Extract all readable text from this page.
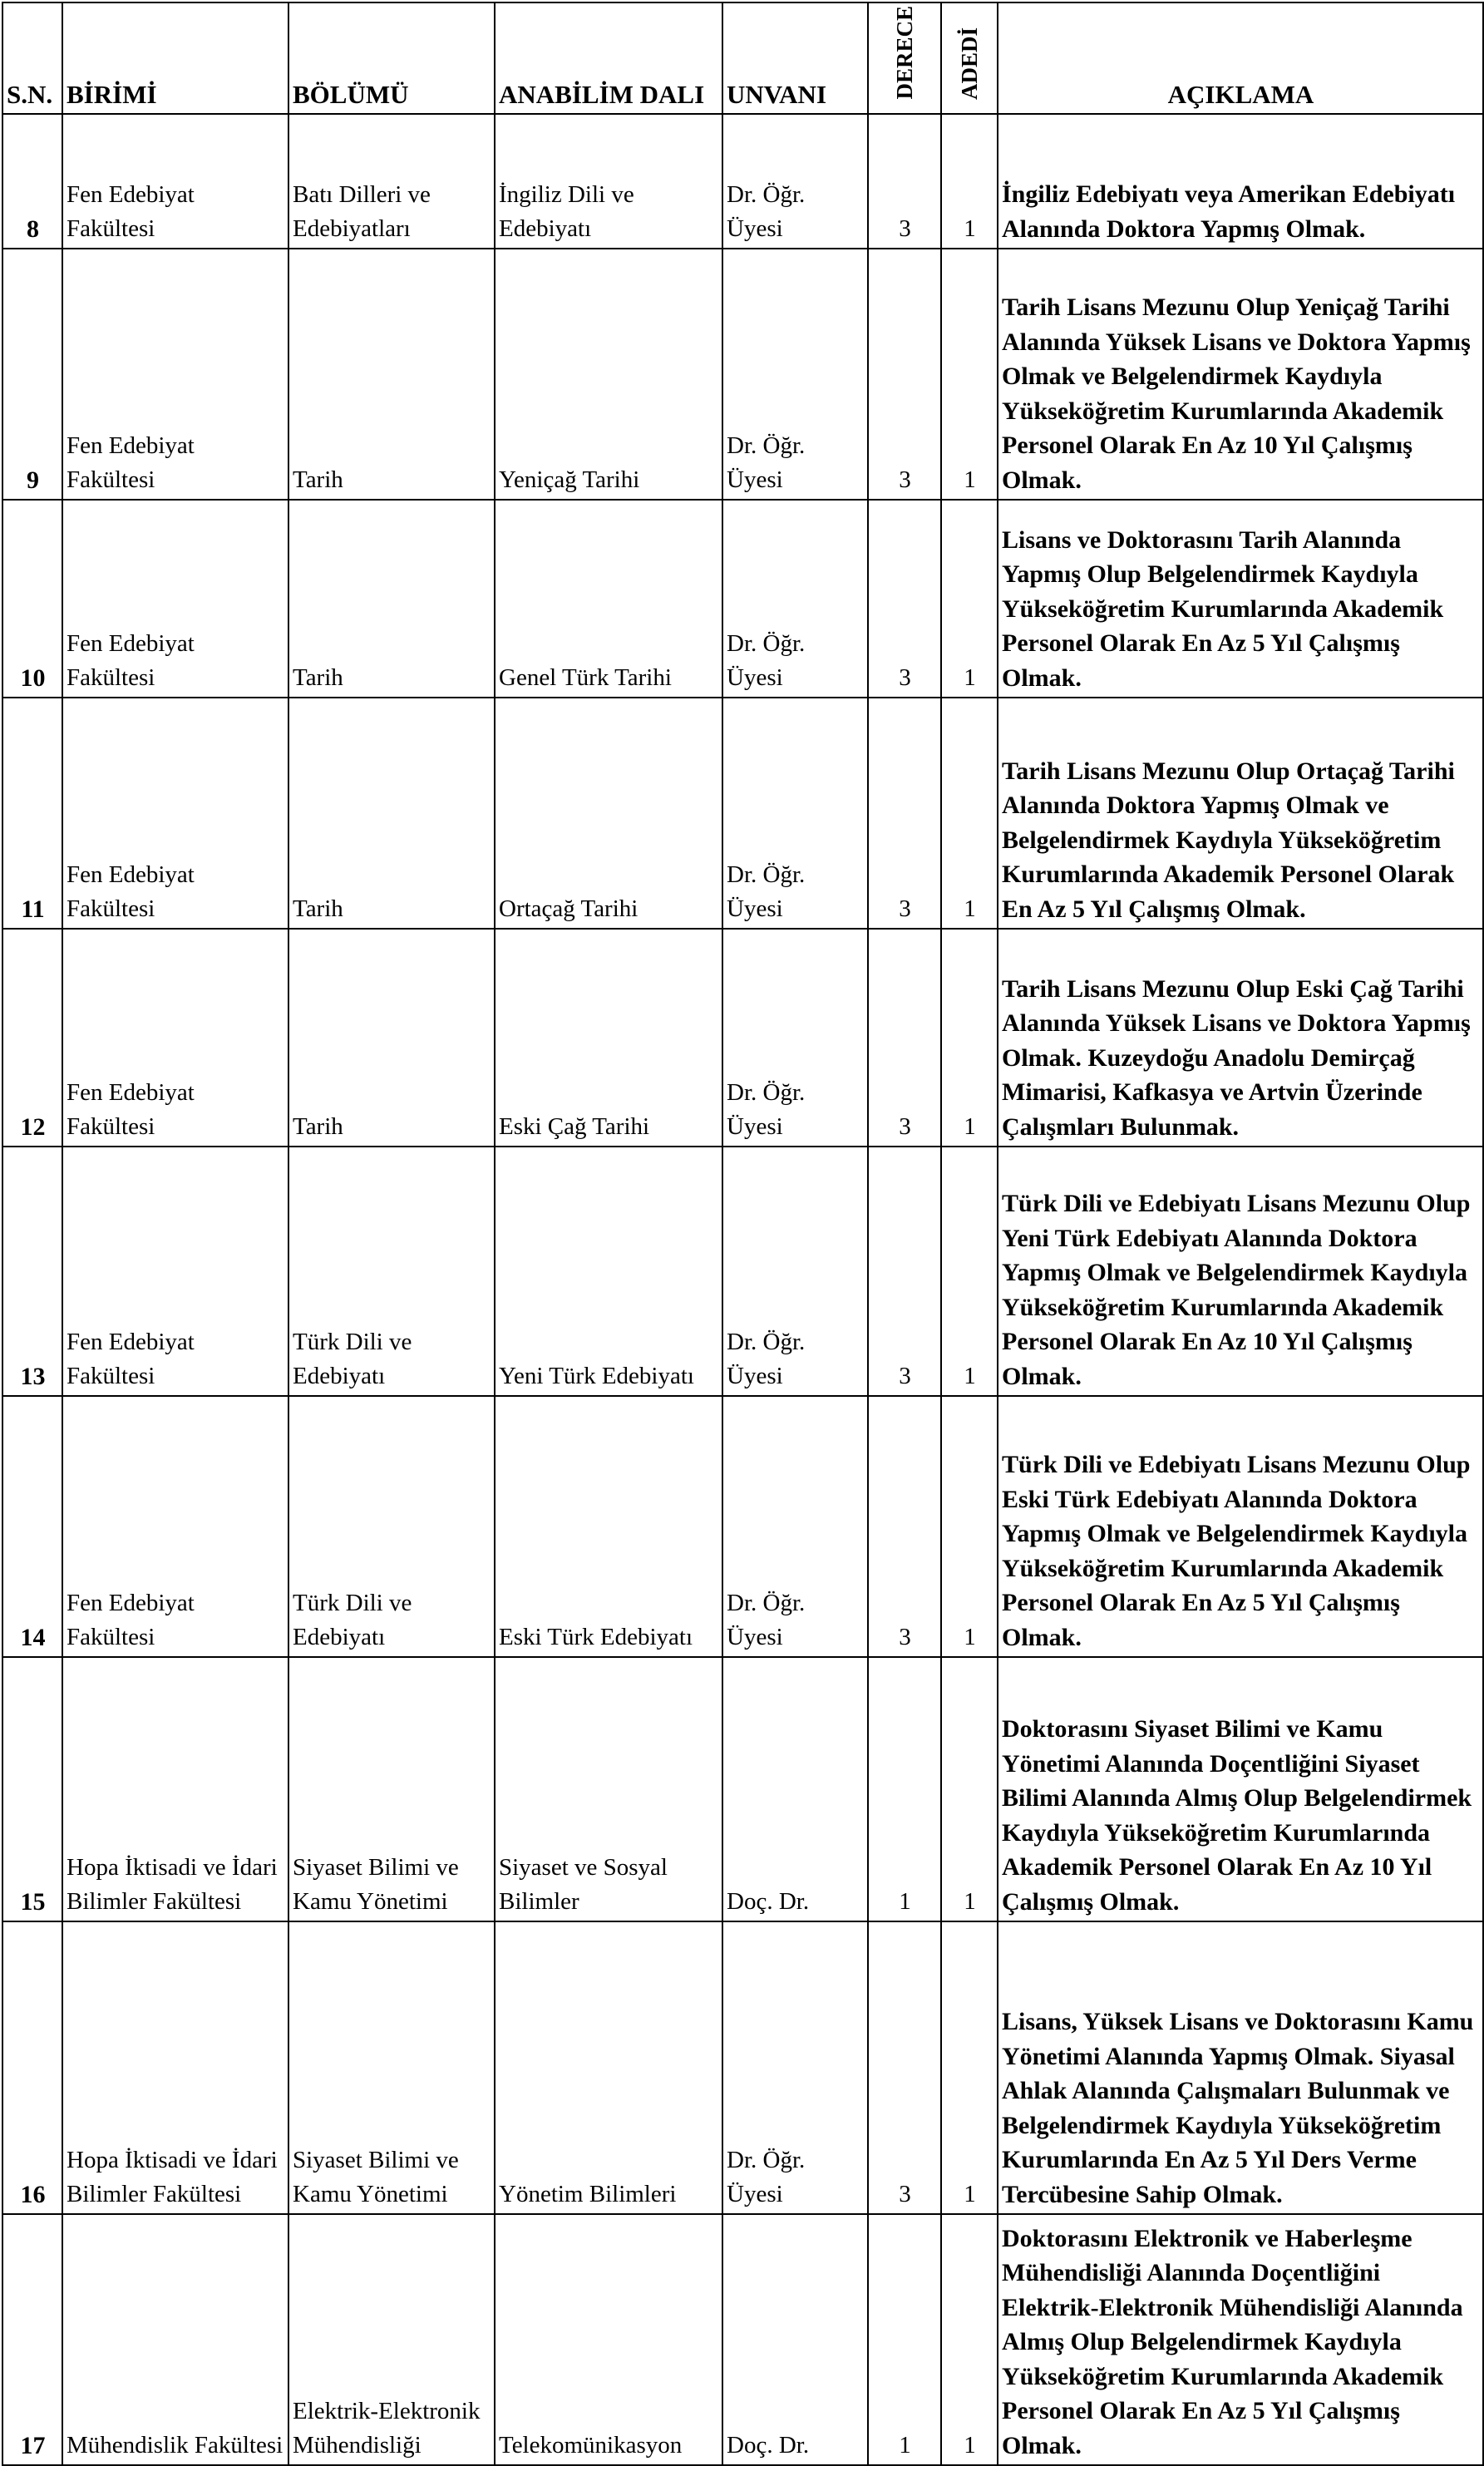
S.N.	BİRİMİ	BÖLÜMÜ	ANABİLİM DALI	UNVANI	DERECE	ADEDİ	AÇIKLAMA
8	Fen Edebiyat Fakültesi	Batı Dilleri ve Edebiyatları	İngiliz Dili ve Edebiyatı	Dr. Öğr. Üyesi	3	1	İngiliz Edebiyatı veya Amerikan Edebiyatı Alanında Doktora Yapmış Olmak.
9	Fen Edebiyat Fakültesi	Tarih	Yeniçağ Tarihi	Dr. Öğr. Üyesi	3	1	Tarih Lisans Mezunu Olup Yeniçağ Tarihi Alanında Yüksek Lisans ve Doktora Yapmış Olmak ve Belgelendirmek Kaydıyla Yükseköğretim Kurumlarında Akademik Personel Olarak En Az 10 Yıl Çalışmış Olmak.
10	Fen Edebiyat Fakültesi	Tarih	Genel Türk Tarihi	Dr. Öğr. Üyesi	3	1	Lisans ve Doktorasını Tarih Alanında Yapmış Olup Belgelendirmek Kaydıyla Yükseköğretim Kurumlarında Akademik Personel Olarak En Az 5 Yıl Çalışmış Olmak.
11	Fen Edebiyat Fakültesi	Tarih	Ortaçağ Tarihi	Dr. Öğr. Üyesi	3	1	Tarih Lisans Mezunu Olup Ortaçağ Tarihi Alanında Doktora Yapmış Olmak ve Belgelendirmek Kaydıyla Yükseköğretim Kurumlarında Akademik Personel Olarak En Az 5 Yıl Çalışmış Olmak.
12	Fen Edebiyat Fakültesi	Tarih	Eski Çağ Tarihi	Dr. Öğr. Üyesi	3	1	Tarih Lisans Mezunu Olup Eski Çağ Tarihi Alanında Yüksek Lisans ve Doktora Yapmış Olmak. Kuzeydoğu Anadolu Demirçağ Mimarisi, Kafkasya ve Artvin Üzerinde Çalışmları Bulunmak.
13	Fen Edebiyat Fakültesi	Türk Dili ve Edebiyatı	Yeni Türk Edebiyatı	Dr. Öğr. Üyesi	3	1	Türk Dili ve Edebiyatı Lisans Mezunu Olup Yeni Türk Edebiyatı Alanında Doktora Yapmış Olmak ve Belgelendirmek Kaydıyla Yükseköğretim Kurumlarında Akademik Personel Olarak En Az 10 Yıl Çalışmış Olmak.
14	Fen Edebiyat Fakültesi	Türk Dili ve Edebiyatı	Eski Türk Edebiyatı	Dr. Öğr. Üyesi	3	1	Türk Dili ve Edebiyatı Lisans Mezunu Olup Eski Türk Edebiyatı Alanında Doktora Yapmış Olmak ve Belgelendirmek Kaydıyla Yükseköğretim Kurumlarında Akademik Personel Olarak En Az 5 Yıl Çalışmış Olmak.
15	Hopa İktisadi ve İdari Bilimler Fakültesi	Siyaset Bilimi ve Kamu Yönetimi	Siyaset ve Sosyal Bilimler	Doç. Dr.	1	1	Doktorasını Siyaset Bilimi ve Kamu Yönetimi Alanında Doçentliğini Siyaset Bilimi Alanında Almış Olup Belgelendirmek Kaydıyla Yükseköğretim Kurumlarında Akademik Personel Olarak En Az 10 Yıl Çalışmış Olmak.
16	Hopa İktisadi ve İdari Bilimler Fakültesi	Siyaset Bilimi ve Kamu Yönetimi	Yönetim Bilimleri	Dr. Öğr. Üyesi	3	1	Lisans, Yüksek Lisans ve Doktorasını Kamu Yönetimi Alanında Yapmış Olmak. Siyasal Ahlak Alanında Çalışmaları Bulunmak ve Belgelendirmek Kaydıyla Yükseköğretim Kurumlarında En Az 5 Yıl Ders Verme Tercübesine Sahip Olmak.
17	Mühendislik Fakültesi	Elektrik-Elektronik Mühendisliği	Telekomünikasyon	Doç. Dr.	1	1	Doktorasını Elektronik ve Haberleşme Mühendisliği Alanında Doçentliğini Elektrik-Elektronik Mühendisliği Alanında Almış Olup Belgelendirmek Kaydıyla Yükseköğretim Kurumlarında Akademik Personel Olarak En Az 5 Yıl Çalışmış Olmak.
